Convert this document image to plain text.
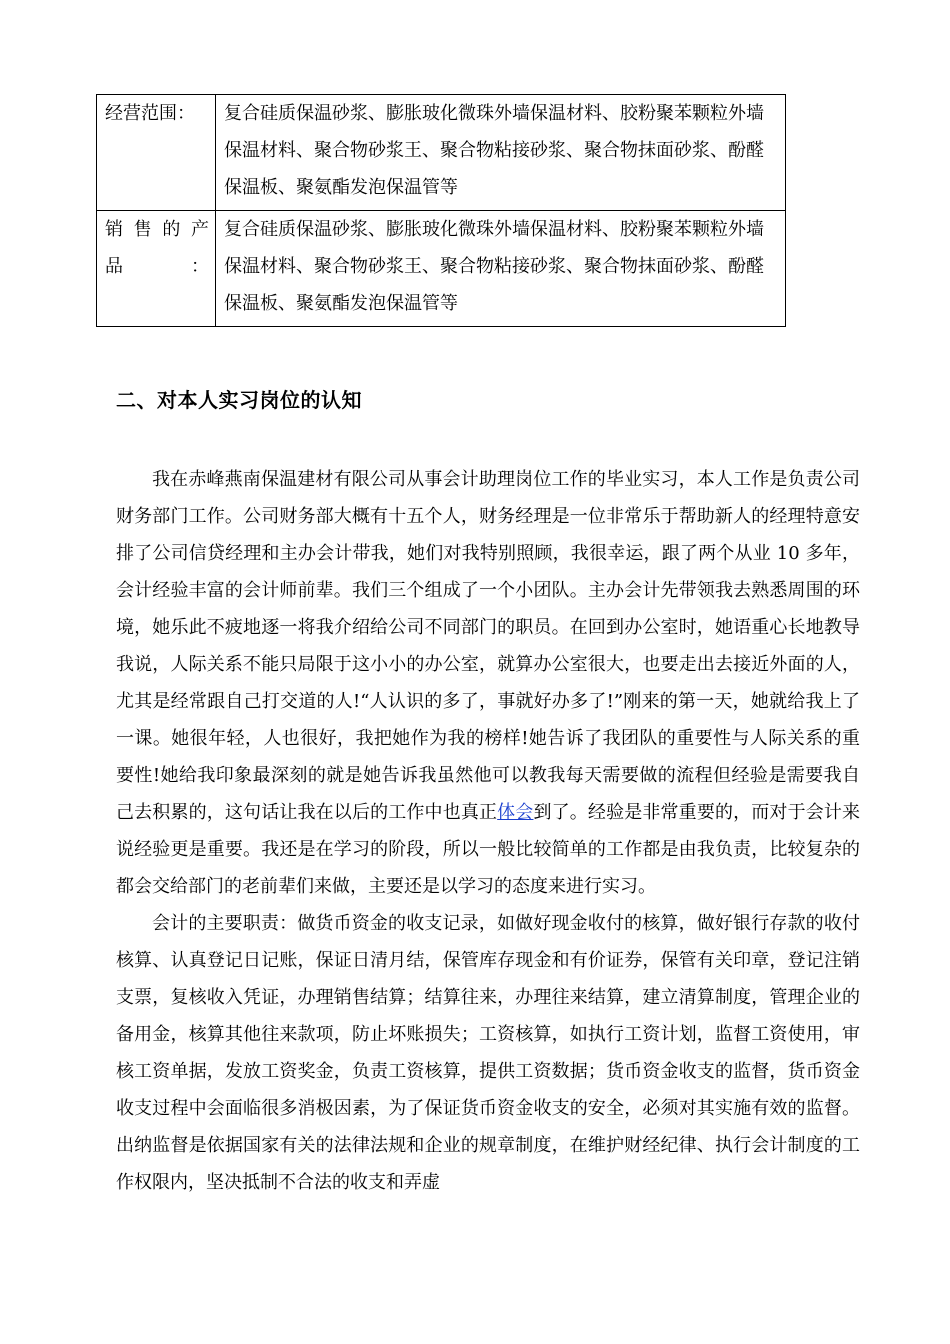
经营范围：	复合硅质保温砂浆、膨胀玻化微珠外墙保温材料、胶粉聚苯颗粒外墙保温材料、聚合物砂浆王、聚合物粘接砂浆、聚合物抹面砂浆、酚醛保温板、聚氨酯发泡保温管等
销售的产品：	复合硅质保温砂浆、膨胀玻化微珠外墙保温材料、胶粉聚苯颗粒外墙保温材料、聚合物砂浆王、聚合物粘接砂浆、聚合物抹面砂浆、酚醛保温板、聚氨酯发泡保温管等
二、对本人实习岗位的认知

我在赤峰燕南保温建材有限公司从事会计助理岗位工作的毕业实习，本人工作是负责公司财务部门工作。公司财务部大概有十五个人，财务经理是一位非常乐于帮助新人的经理特意安排了公司信贷经理和主办会计带我，她们对我特别照顾，我很幸运，跟了两个从业 10 多年，会计经验丰富的会计师前辈。我们三个组成了一个小团队。主办会计先带领我去熟悉周围的环境，她乐此不疲地逐一将我介绍给公司不同部门的职员。在回到办公室时，她语重心长地教导我说，人际关系不能只局限于这小小的办公室，就算办公室很大，也要走出去接近外面的人，尤其是经常跟自己打交道的人!“人认识的多了，事就好办多了!”刚来的第一天，她就给我上了一课。她很年轻，人也很好，我把她作为我的榜样!她告诉了我团队的重要性与人际关系的重要性!她给我印象最深刻的就是她告诉我虽然他可以教我每天需要做的流程但经验是需要我自己去积累的，这句话让我在以后的工作中也真正体会到了。经验是非常重要的，而对于会计来说经验更是重要。我还是在学习的阶段，所以一般比较简单的工作都是由我负责，比较复杂的都会交给部门的老前辈们来做，主要还是以学习的态度来进行实习。

会计的主要职责：做货币资金的收支记录，如做好现金收付的核算，做好银行存款的收付核算、认真登记日记账，保证日清月结，保管库存现金和有价证券，保管有关印章，登记注销支票，复核收入凭证，办理销售结算；结算往来，办理往来结算，建立清算制度，管理企业的备用金，核算其他往来款项，防止坏账损失；工资核算，如执行工资计划，监督工资使用，审核工资单据，发放工资奖金，负责工资核算，提供工资数据；货币资金收支的监督，货币资金收支过程中会面临很多消极因素，为了保证货币资金收支的安全，必须对其实施有效的监督。出纳监督是依据国家有关的法律法规和企业的规章制度，在维护财经纪律、执行会计制度的工作权限内，坚决抵制不合法的收支和弄虚
